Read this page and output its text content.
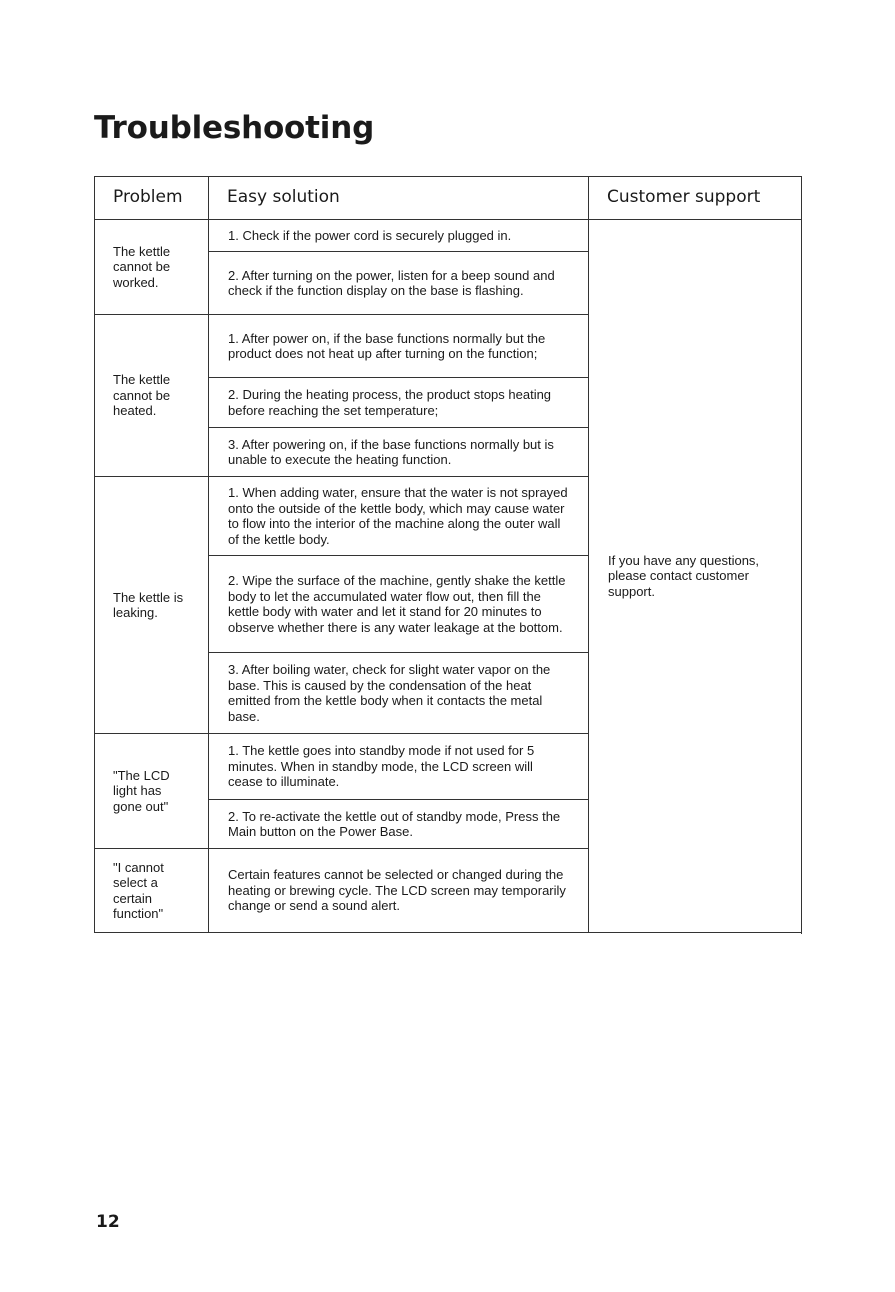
Troubleshooting
Problem	Easy solution	Customer support
The kettle cannot be worked.	1. Check if the power cord is securely plugged in.	If you have any questions, please contact customer support.
	2. After turning on the power, listen for a beep sound and check if the function display on the base is flashing.	
The kettle cannot be heated.	1. After power on, if the base functions normally but the product does not heat up after turning on the function;	
	2. During the heating process, the product stops heating before reaching the set temperature;	
	3. After powering on, if the base functions normally but is unable to execute the heating function.	
The kettle is leaking.	1. When adding water, ensure that the water is not sprayed onto the outside of the kettle body, which may cause water to flow into the interior of the machine along the outer wall of the kettle body.	
	2. Wipe the surface of the machine, gently shake the kettle body to let the accumulated water flow out, then fill the kettle body with water and let it stand for 20 minutes to observe whether there is any water leakage at the bottom.	
	3. After boiling water, check for slight water vapor on the base. This is caused by the condensation of the heat emitted from the kettle body when it contacts the metal base.	
"The LCD light has gone out"	1. The kettle goes into standby mode if not used for 5 minutes. When in standby mode, the LCD screen will cease to illuminate.	
	2. To re-activate the kettle out of standby mode, Press the Main button on the Power Base.	
"I cannot select a certain function"	Certain features cannot be selected or changed during the heating or brewing cycle. The LCD screen may temporarily change or send a sound alert.	

12
